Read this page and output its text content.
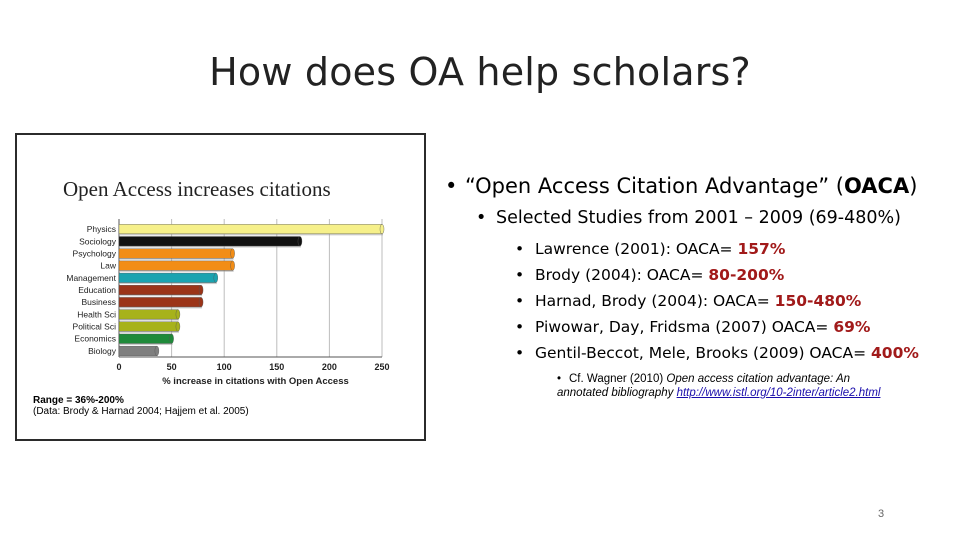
How does OA help scholars?
Open Access increases citations
0	50	100	150	200	250
Physics
Sociology
Psychology
Law
Management
Education
Business
Health Sci
Political Sci
Economics
Biology
% increase in citations with Open Access
Range = 36%-200%
(Data: Brody & Harnad 2004; Hajjem et al. 2005)
• “Open Access Citation Advantage” (OACA)
• Selected Studies from 2001 – 2009 (69-480%)
• Lawrence (2001): OACA= 157%
• Brody (2004): OACA= 80-200%
• Harnad, Brody (2004): OACA= 150-480%
• Piwowar, Day, Fridsma (2007) OACA= 69%
• Gentil-Beccot, Mele, Brooks (2009) OACA= 400%
• Cf. Wagner (2010) Open access citation advantage: An annotated bibliography http://www.istl.org/10-2inter/article2.html
3
